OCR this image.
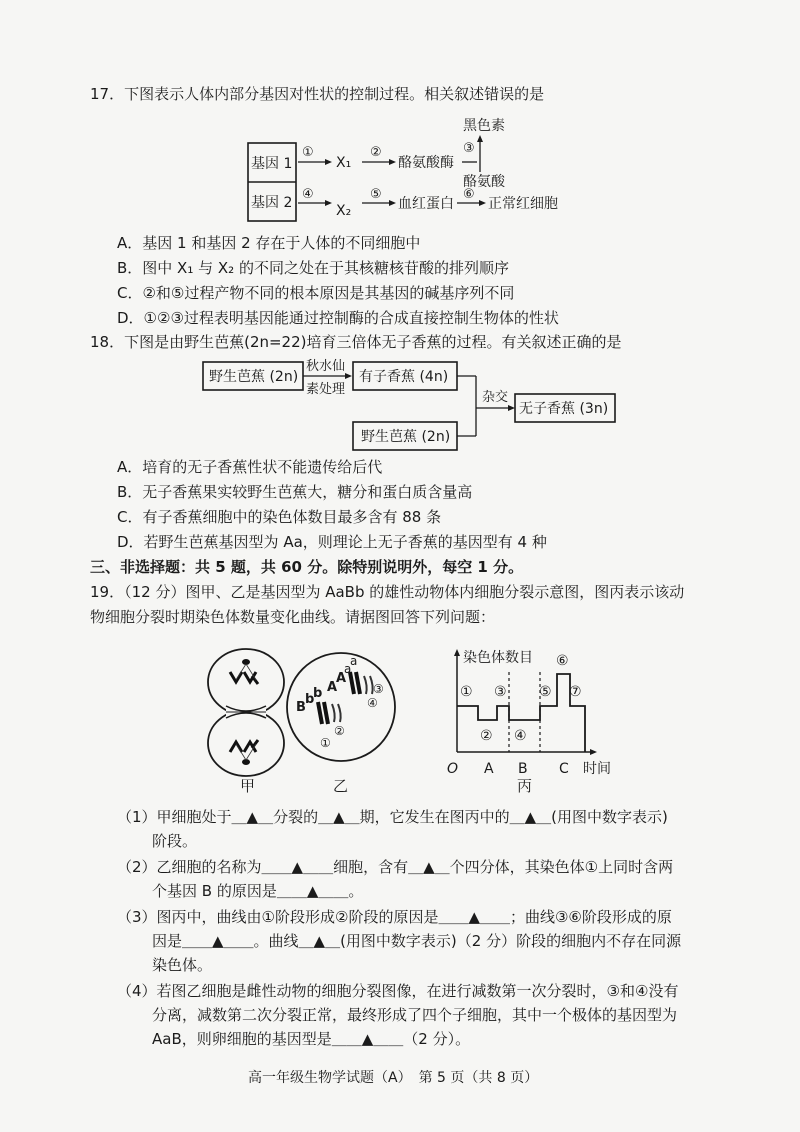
17．下图表示人体内部分基因对性状的控制过程。相关叙述错误的是
基因 1
基因 2
①
X₁
②
酪氨酸酶
黑色素
③
酪氨酸
④
X₂
⑤
血红蛋白
⑥
正常红细胞
A．基因 1 和基因 2 存在于人体的不同细胞中
B．图中 X₁ 与 X₂ 的不同之处在于其核糖核苷酸的排列顺序
C．②和⑤过程产物不同的根本原因是其基因的碱基序列不同
D．①②③过程表明基因能通过控制酶的合成直接控制生物体的性状
18．下图是由野生芭蕉(2n=22)培育三倍体无子香蕉的过程。有关叙述正确的是
野生芭蕉 (2n)
秋水仙
素处理
有子香蕉 (4n)
杂交
无子香蕉 (3n)
野生芭蕉 (2n)
A．培育的无子香蕉性状不能遗传给后代
B．无子香蕉果实较野生芭蕉大，糖分和蛋白质含量高
C．有子香蕉细胞中的染色体数目最多含有 88 条
D．若野生芭蕉基因型为 Aa，则理论上无子香蕉的基因型有 4 种
三、非选择题：共 5 题，共 60 分。除特别说明外，每空 1 分。
19．（12 分）图甲、乙是基因型为 AaBb 的雄性动物体内细胞分裂示意图，图丙表示该动
物细胞分裂时期染色体数量变化曲线。请据图回答下列问题：
甲
B
b
b A
A
a
a
③
④
②
①
乙
染色体数目
时间
O A B C
①
②
③
④
⑤
⑥
⑦
丙
（1）甲细胞处于＿▲＿分裂的＿▲＿期，它发生在图丙中的＿▲＿(用图中数字表示)
阶段。
（2）乙细胞的名称为＿＿▲＿＿细胞，含有＿▲＿个四分体，其染色体①上同时含两
个基因 B 的原因是＿＿▲＿＿。
（3）图丙中，曲线由①阶段形成②阶段的原因是＿＿▲＿＿；曲线③⑥阶段形成的原
因是＿＿▲＿＿。曲线＿▲＿(用图中数字表示)（2 分）阶段的细胞内不存在同源
染色体。
（4）若图乙细胞是雌性动物的细胞分裂图像，在进行减数第一次分裂时，③和④没有
分离，减数第二次分裂正常，最终形成了四个子细胞，其中一个极体的基因型为
AaB，则卵细胞的基因型是＿＿▲＿＿（2 分）。
高一年级生物学试题（A）　第 5 页（共 8 页）
